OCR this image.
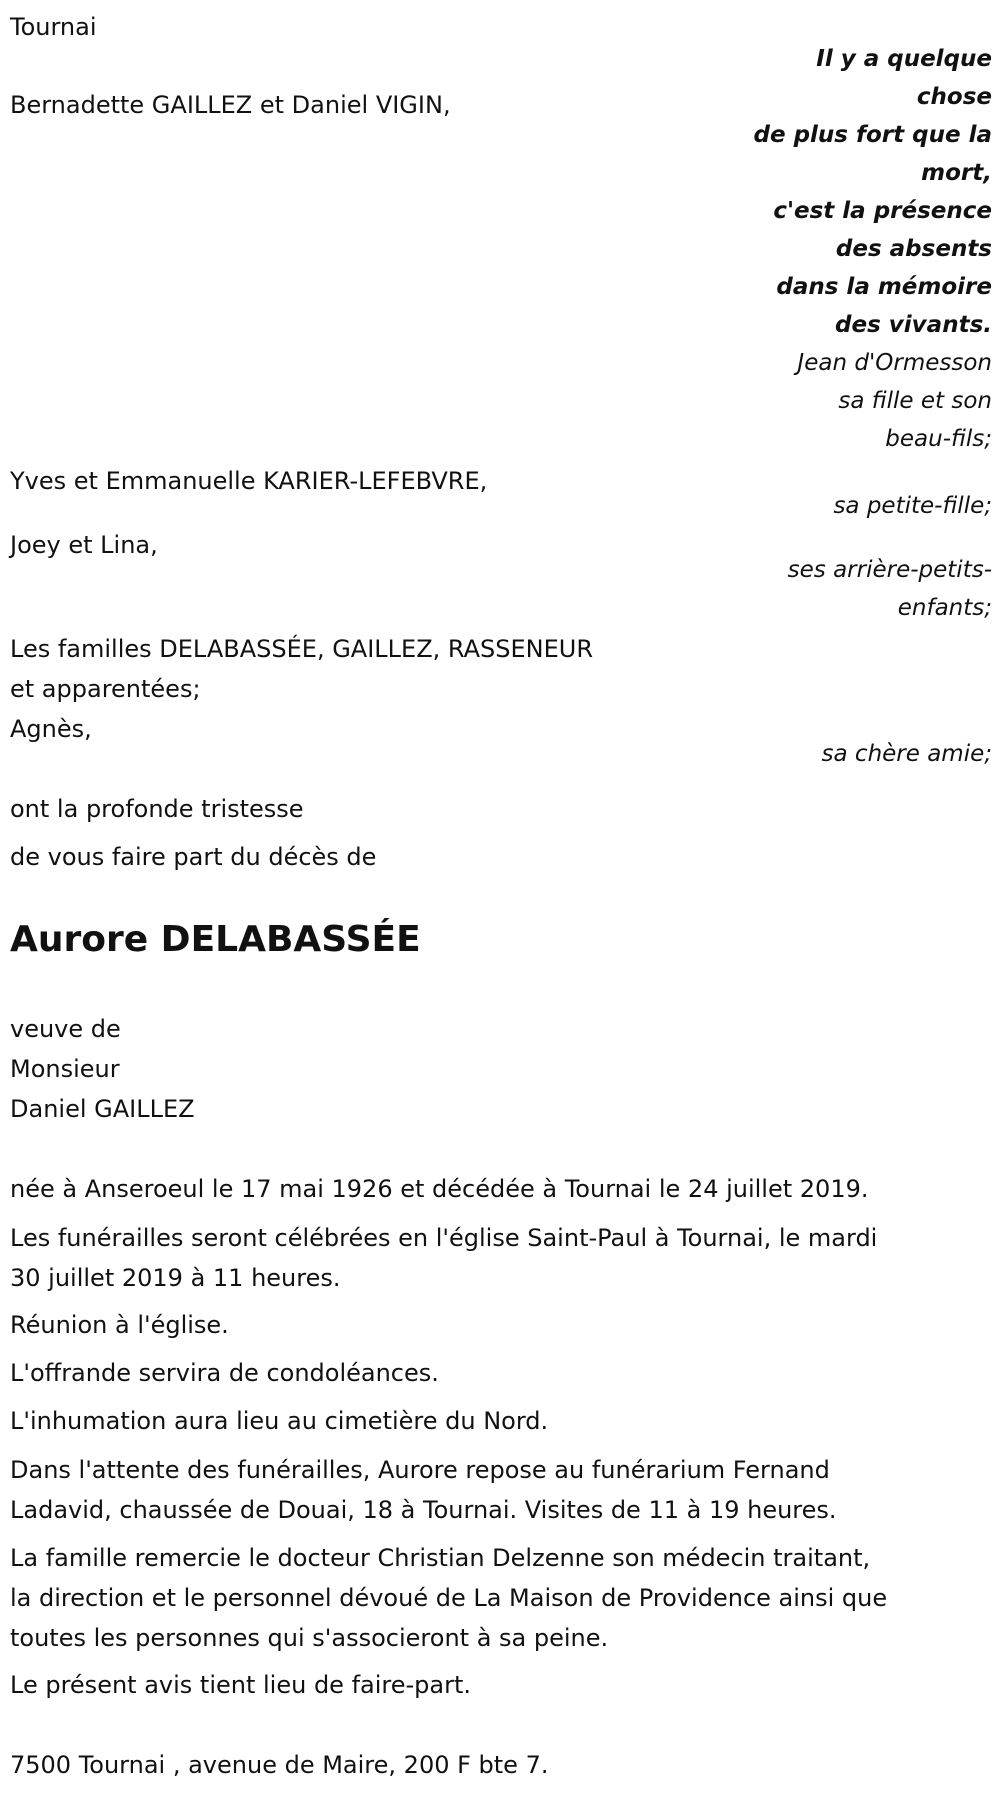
Tournai
Bernadette GAILLEZ et Daniel VIGIN,
Il y a quelque
chose
de plus fort que la
mort,
c'est la présence
des absents
dans la mémoire
des vivants.
Jean d'Ormesson
sa fille et son
beau-fils;
Yves et Emmanuelle KARIER-LEFEBVRE,
sa petite-fille;
Joey et Lina,
ses arrière-petits-
enfants;
Les familles DELABASSÉE, GAILLEZ, RASSENEUR
et apparentées;
Agnès,
sa chère amie;
ont la profonde tristesse
de vous faire part du décès de
Aurore DELABASSÉE
veuve de
Monsieur
Daniel GAILLEZ
née à Anseroeul le 17 mai 1926 et décédée à Tournai le 24 juillet 2019.
Les funérailles seront célébrées en l'église Saint-Paul à Tournai, le mardi
30 juillet 2019 à 11 heures.
Réunion à l'église.
L'offrande servira de condoléances.
L'inhumation aura lieu au cimetière du Nord.
Dans l'attente des funérailles, Aurore repose au funérarium Fernand
Ladavid, chaussée de Douai, 18 à Tournai. Visites de 11 à 19 heures.
La famille remercie le docteur Christian Delzenne son médecin traitant,
la direction et le personnel dévoué de La Maison de Providence ainsi que
toutes les personnes qui s'associeront à sa peine.
Le présent avis tient lieu de faire-part.
7500 Tournai , avenue de Maire, 200 F bte 7.
